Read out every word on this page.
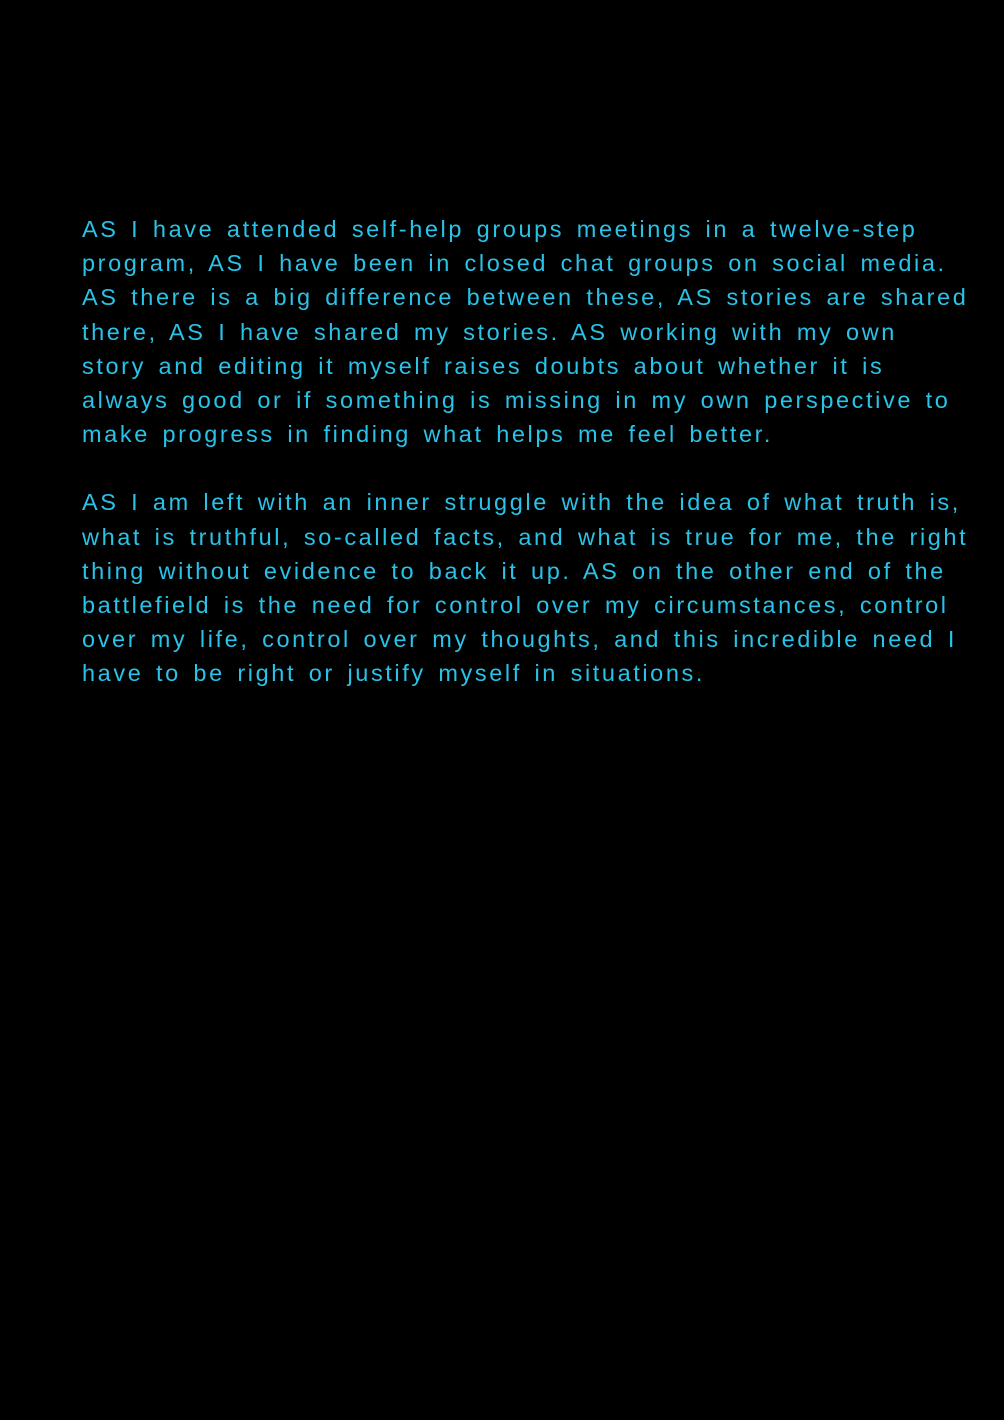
AS I have attended self-help groups meetings in a twelve-step program, AS I have been in closed chat groups on social media. AS there is a big difference between these, AS stories are shared there, AS I have shared my stories. AS working with my own story and editing it myself raises doubts about whether it is always good or if something is missing in my own perspective to make progress in finding what helps me feel better.

AS I am left with an inner struggle with the idea of what truth is, what is truthful, so-called facts, and what is true for me, the right thing without evidence to back it up. AS on the other end of the battlefield is the need for control over my circumstances, control over my life, control over my thoughts, and this incredible need I have to be right or justify myself in situations.
